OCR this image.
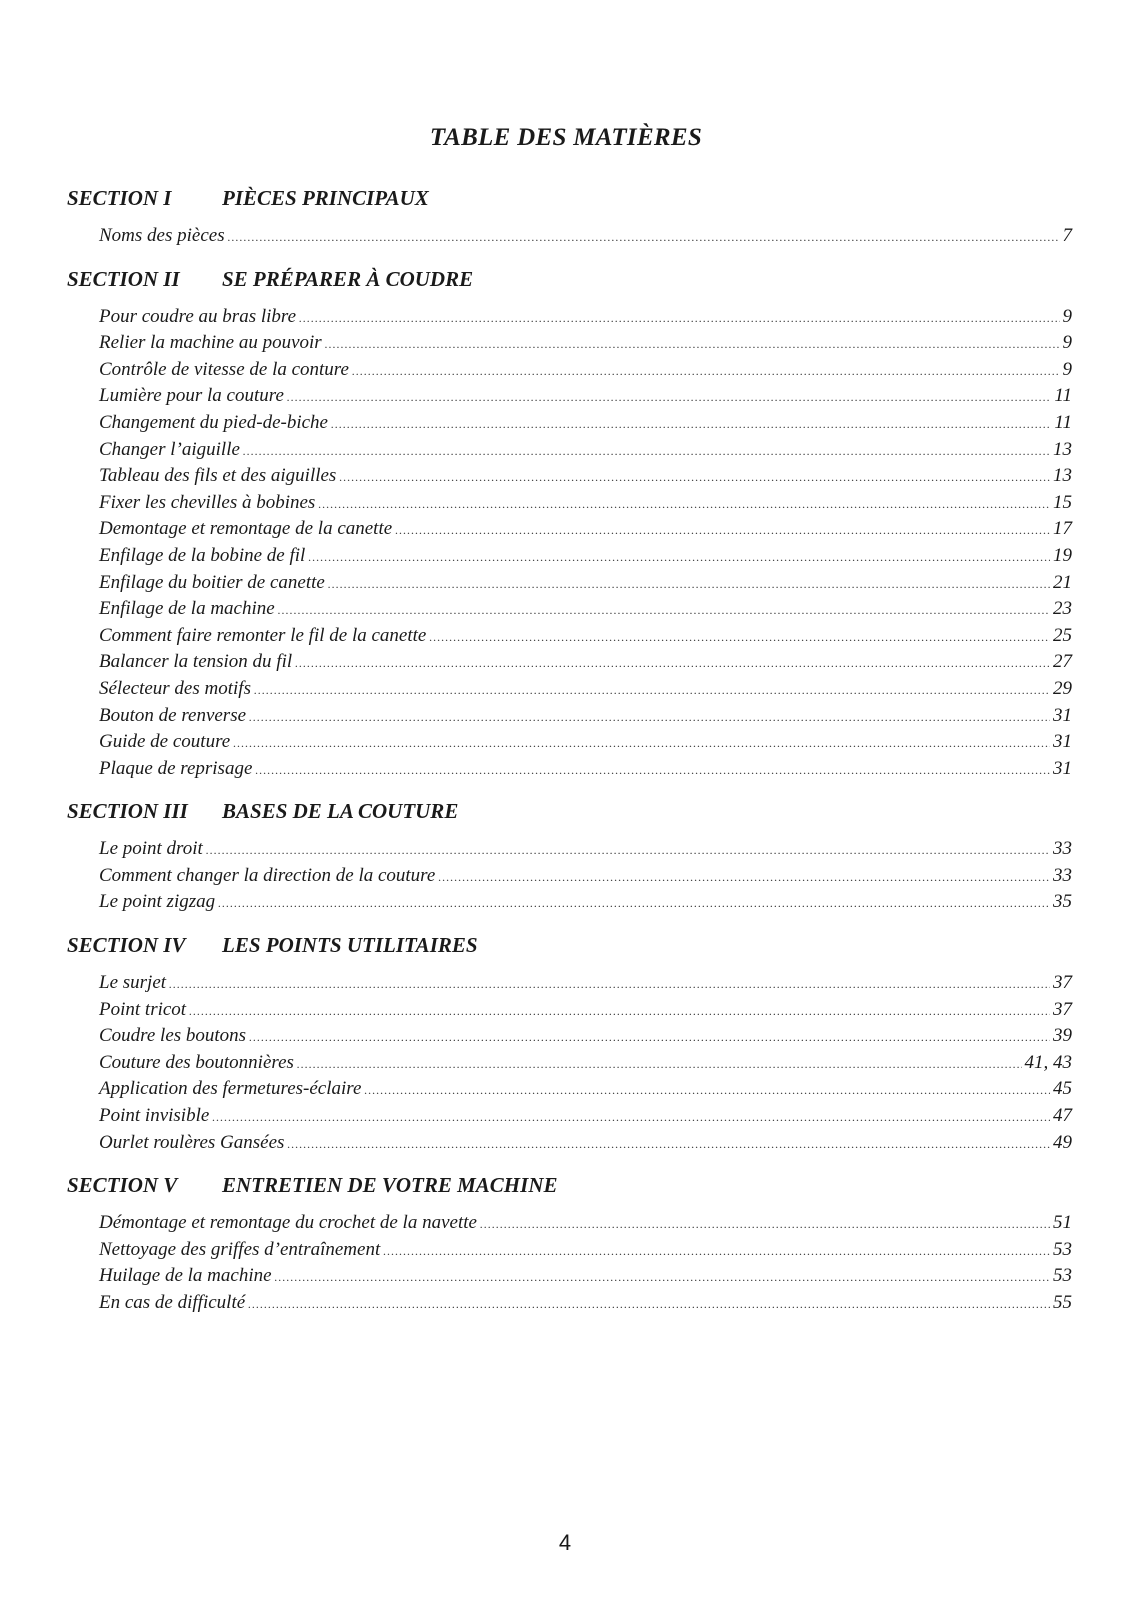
TABLE DES MATIÈRES
SECTION I PIÈCES PRINCIPAUX
Noms des pièces .....	7
SECTION II SE PRÉPARER À COUDRE
Pour coudre au bras libre .....	9
Relier la machine au pouvoir .....	9
Contrôle de vitesse de la conture .....	9
Lumière pour la couture .....	11
Changement du pied-de-biche .....	11
Changer l’aiguille .....	13
Tableau des fils et des aiguilles .....	13
Fixer les chevilles à bobines .....	15
Demontage et remontage de la canette .....	17
Enfilage de la bobine de fil .....	19
Enfilage du boitier de canette .....	21
Enfilage de la machine .....	23
Comment faire remonter le fil de la canette .....	25
Balancer la tension du fil .....	27
Sélecteur des motifs .....	29
Bouton de renverse .....	31
Guide de couture .....	31
Plaque de reprisage .....	31
SECTION III BASES DE LA COUTURE
Le point droit .....	33
Comment changer la direction de la couture .....	33
Le point zigzag .....	35
SECTION IV LES POINTS UTILITAIRES
Le surjet .....	37
Point tricot .....	37
Coudre les boutons .....	39
Couture des boutonnières .....	41, 43
Application des fermetures-éclaire .....	45
Point invisible .....	47
Ourlet roulères Gansées .....	49
SECTION V ENTRETIEN DE VOTRE MACHINE
Démontage et remontage du crochet de la navette .....	51
Nettoyage des griffes d’entraînement .....	53
Huilage de la machine .....	53
En cas de difficulté .....	55
4
